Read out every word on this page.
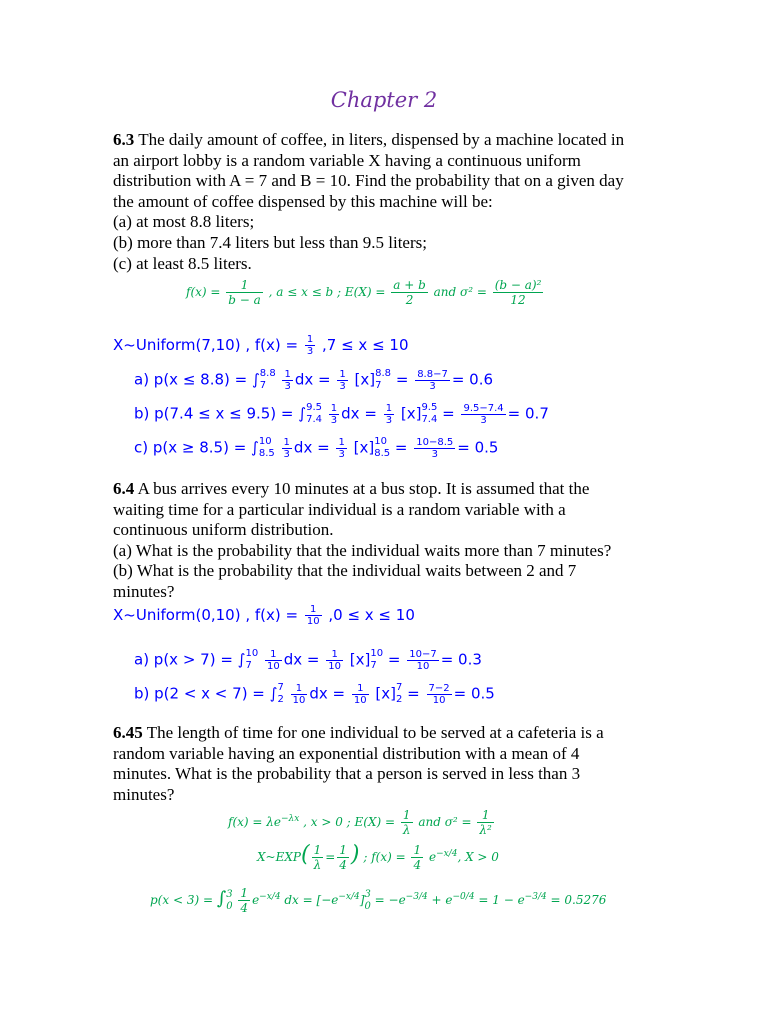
Chapter 2
6.3 The daily amount of coffee, in liters, dispensed by a machine located in
an airport lobby is a random variable X having a continuous uniform
distribution with A = 7 and B = 10. Find the probability that on a given day
the amount of coffee dispensed by this machine will be:
(a) at most 8.8 liters;
(b) more than 7.4 liters but less than 9.5 liters;
(c) at least 8.5 liters.
$f(x) = \frac{1}{b - a}$ , a ≤ x ≤ b ; $E(X) = \frac{a + b}{2}$ and $\sigma^2 = \frac{\text{(b − a)²}}{12}$
X~Uniform(7,10) , $f(x) = \frac{1}{3} ,7 \le x \le 10$
a) p(x ≤ 8.8) = ∫ 8.8
7
	$\frac{1}{3}$ dx = $\frac{1}{3} [x]$ 8.8
$7 = \frac{8.8-7}{3} = 0.6$
b) p(7.4 ≤ x ≤ 9.5) = ∫ 9.5
7.4
$\frac{1}{3}$ dx = $\frac{1}{3} [x]$ 9.5
$7.4 = \frac{9.5-7.4}{3} = 0.7$
c) p(x ≥ 8.5) = ∫ 10
8.5
$\frac{1}{3}$ dx = $\frac{1}{3} [x]$ 10
$8.5 = \frac{10-8.5}{3} = 0.5$
6.4 A bus arrives every 10 minutes at a bus stop. It is assumed that the
waiting time for a particular individual is a random variable with a
continuous uniform distribution.
(a) What is the probability that the individual waits more than 7 minutes?
(b) What is the probability that the individual waits between 2 and 7
minutes?
X~Uniform(0,10) , $f(x) = \frac{1}{10} ,0 \le x \le 10$
a) p(x > 7) = ∫ 10
7
	$\frac{1}{10}$ dx = $\frac{1}{10} [x]$ 10
$7 = \frac{10-7}{10} = 0.3$
b) p(2 < x < 7) = ∫ 7
2
$\frac{1}{10}$ dx = $\frac{1}{10} [x]$ 7
$2 = \frac{7-2}{10} = 0.5$
6.45 The length of time for one individual to be served at a cafeteria is a
random variable having an exponential distribution with a mean of 4
minutes. What is the probability that a person is served in less than 3
minutes?
$f(x) = \lambda e^{-\lambda x}$ , x > 0 ; $E(X) = \frac{1}{\lambda}$ and $\sigma^2 = \frac{1}{\text{λ²}}$
X~EXP( $\frac{1}{\lambda} = \frac{1}{4}$ ) ; $f(x) = \frac{1}{4} e^{-x/4}$, X > 0
p(x < 3) = ∫ 3
0
$\frac{1}{4} e^{-x/4}$ dx = $[-e^{-x/4}]$ 3
$0 = -e^{-3/4} + e^{-0/4} = 1 - e^{-3/4} = 0.5276$
